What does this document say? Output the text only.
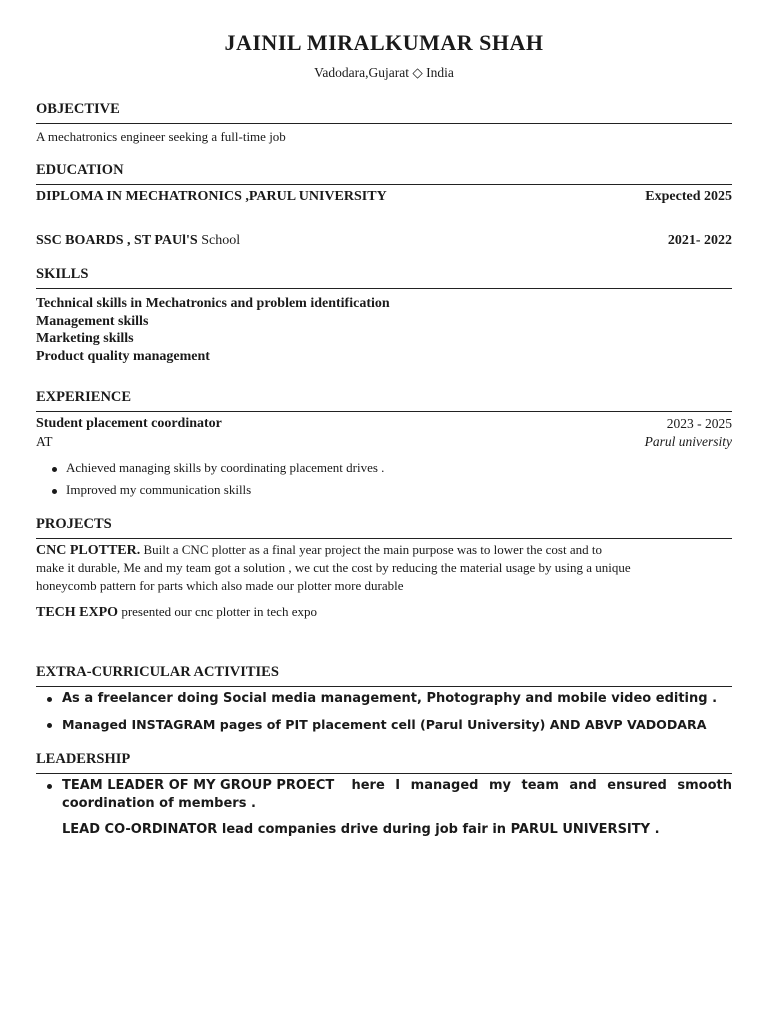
JAINIL MIRALKUMAR SHAH
Vadodara,Gujarat ◇ India
OBJECTIVE
A mechatronics engineer seeking a full-time job
EDUCATION
DIPLOMA IN MECHATRONICS ,PARUL UNIVERSITY	Expected 2025
SSC BOARDS , ST PAUl'S School	2021- 2022
SKILLS
Technical skills in Mechatronics and problem identification
Management skills
Marketing skills
Product quality management
EXPERIENCE
Student placement coordinator	2023 - 2025
AT	Parul university
Achieved managing skills by coordinating placement drives .
Improved my communication skills
PROJECTS
CNC PLOTTER. Built a CNC plotter as a final year project the main purpose was to lower the cost and to
make it durable, Me and my team got a solution , we cut the cost by reducing the material usage by using a unique
honeycomb pattern for parts which also made our plotter more durable
TECH EXPO presented our cnc plotter in tech expo
EXTRA-CURRICULAR ACTIVITIES
As a freelancer doing Social media management, Photography and mobile video editing .
Managed INSTAGRAM pages of PIT placement cell (Parul University) AND ABVP VADODARA
LEADERSHIP
TEAM LEADER OF MY GROUP PROECT here I managed my team and ensured smooth
coordination of members .
LEAD CO-ORDINATOR lead companies drive during job fair in PARUL UNIVERSITY .
